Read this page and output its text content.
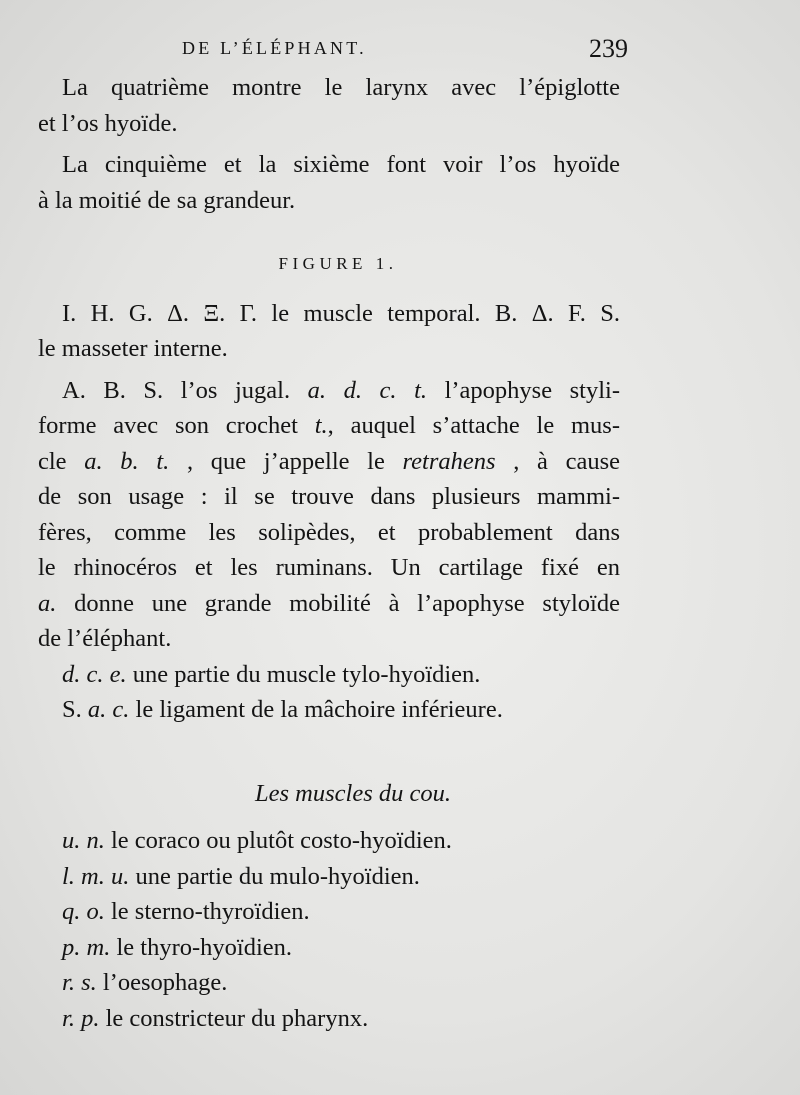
DE L’ÉLÉPHANT.	239
La quatrième montre le larynx avec l’épiglotte
et l’os hyoïde.
La cinquième et la sixième font voir l’os hyoïde
à la moitié de sa grandeur.
FIGURE 1.
I. H. G. Δ. Ξ. Γ. le muscle temporal. B. Δ. F. S.
le masseter interne.
A. B. S. l’os jugal. a. d. c. t. l’apophyse styli-
forme avec son crochet t., auquel s’attache le mus-
cle a. b. t. , que j’appelle le retrahens , à cause
de son usage : il se trouve dans plusieurs mammi-
fères, comme les solipèdes, et probablement dans
le rhinocéros et les ruminans. Un cartilage fixé en
a. donne une grande mobilité à l’apophyse styloïde
de l’éléphant.
d. c. e. une partie du muscle tylo-hyoïdien.
S. a. c. le ligament de la mâchoire inférieure.
Les muscles du cou.
u. n. le coraco ou plutôt costo-hyoïdien.
l. m. u. une partie du mulo-hyoïdien.
q. o. le sterno-thyroïdien.
p. m. le thyro-hyoïdien.
r. s. l’oesophage.
r. p. le constricteur du pharynx.
